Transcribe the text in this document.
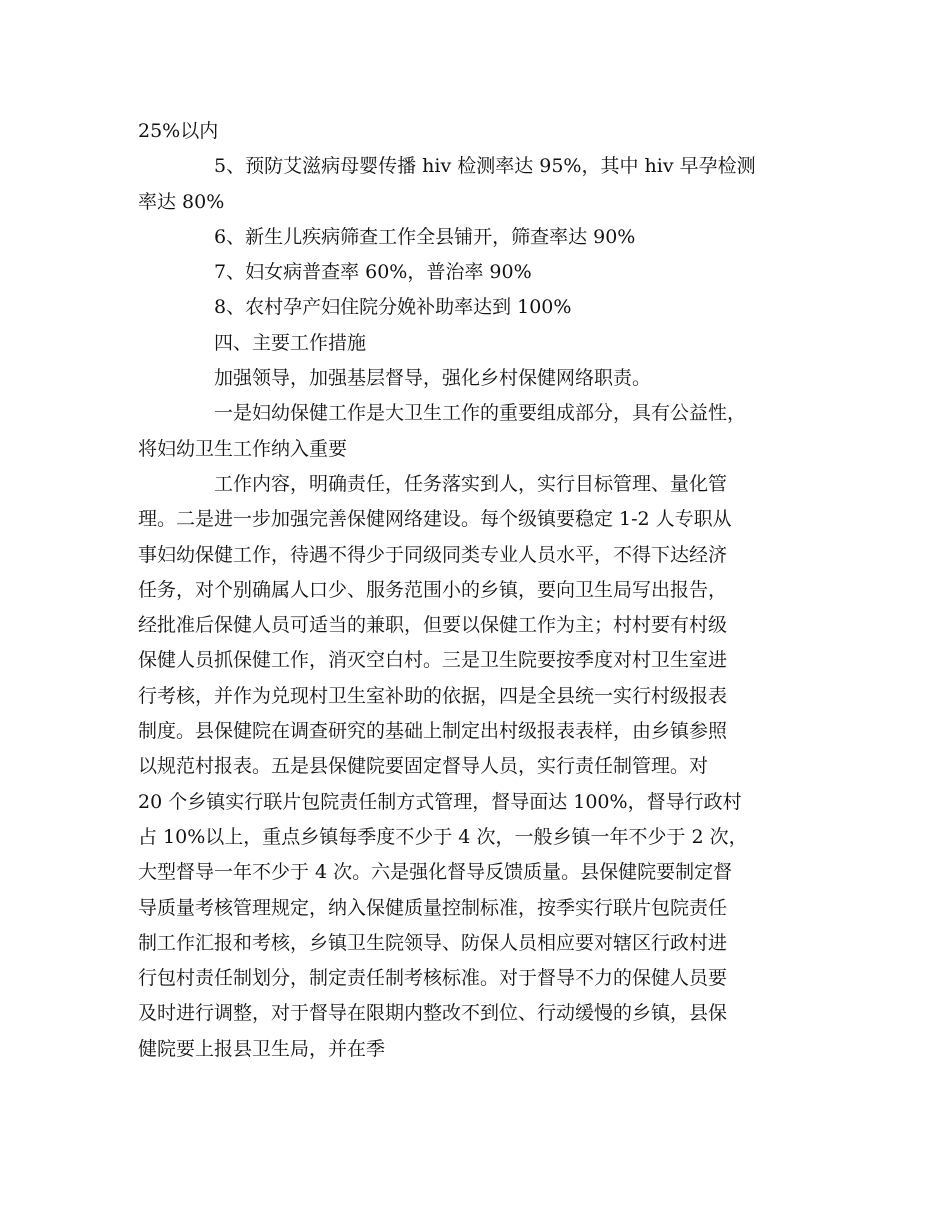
25%以内
5、预防艾滋病母婴传播 hiv 检测率达 95%，其中 hiv 早孕检测
率达 80%
6、新生儿疾病筛查工作全县铺开，筛查率达 90%
7、妇女病普查率 60%，普治率 90%
8、农村孕产妇住院分娩补助率达到 100%
四、主要工作措施
加强领导，加强基层督导，强化乡村保健网络职责。
一是妇幼保健工作是大卫生工作的重要组成部分，具有公益性，
将妇幼卫生工作纳入重要
工作内容，明确责任，任务落实到人，实行目标管理、量化管
理。二是进一步加强完善保健网络建设。每个级镇要稳定 1-2 人专职从
事妇幼保健工作，待遇不得少于同级同类专业人员水平，不得下达经济
任务，对个别确属人口少、服务范围小的乡镇，要向卫生局写出报告，
经批准后保健人员可适当的兼职，但要以保健工作为主；村村要有村级
保健人员抓保健工作，消灭空白村。三是卫生院要按季度对村卫生室进
行考核，并作为兑现村卫生室补助的依据，四是全县统一实行村级报表
制度。县保健院在调查研究的基础上制定出村级报表表样，由乡镇参照
以规范村报表。五是县保健院要固定督导人员，实行责任制管理。对
20 个乡镇实行联片包院责任制方式管理，督导面达 100%，督导行政村
占 10%以上，重点乡镇每季度不少于 4 次，一般乡镇一年不少于 2 次，
大型督导一年不少于 4 次。六是强化督导反馈质量。县保健院要制定督
导质量考核管理规定，纳入保健质量控制标准，按季实行联片包院责任
制工作汇报和考核，乡镇卫生院领导、防保人员相应要对辖区行政村进
行包村责任制划分，制定责任制考核标准。对于督导不力的保健人员要
及时进行调整，对于督导在限期内整改不到位、行动缓慢的乡镇，县保
健院要上报县卫生局，并在季
